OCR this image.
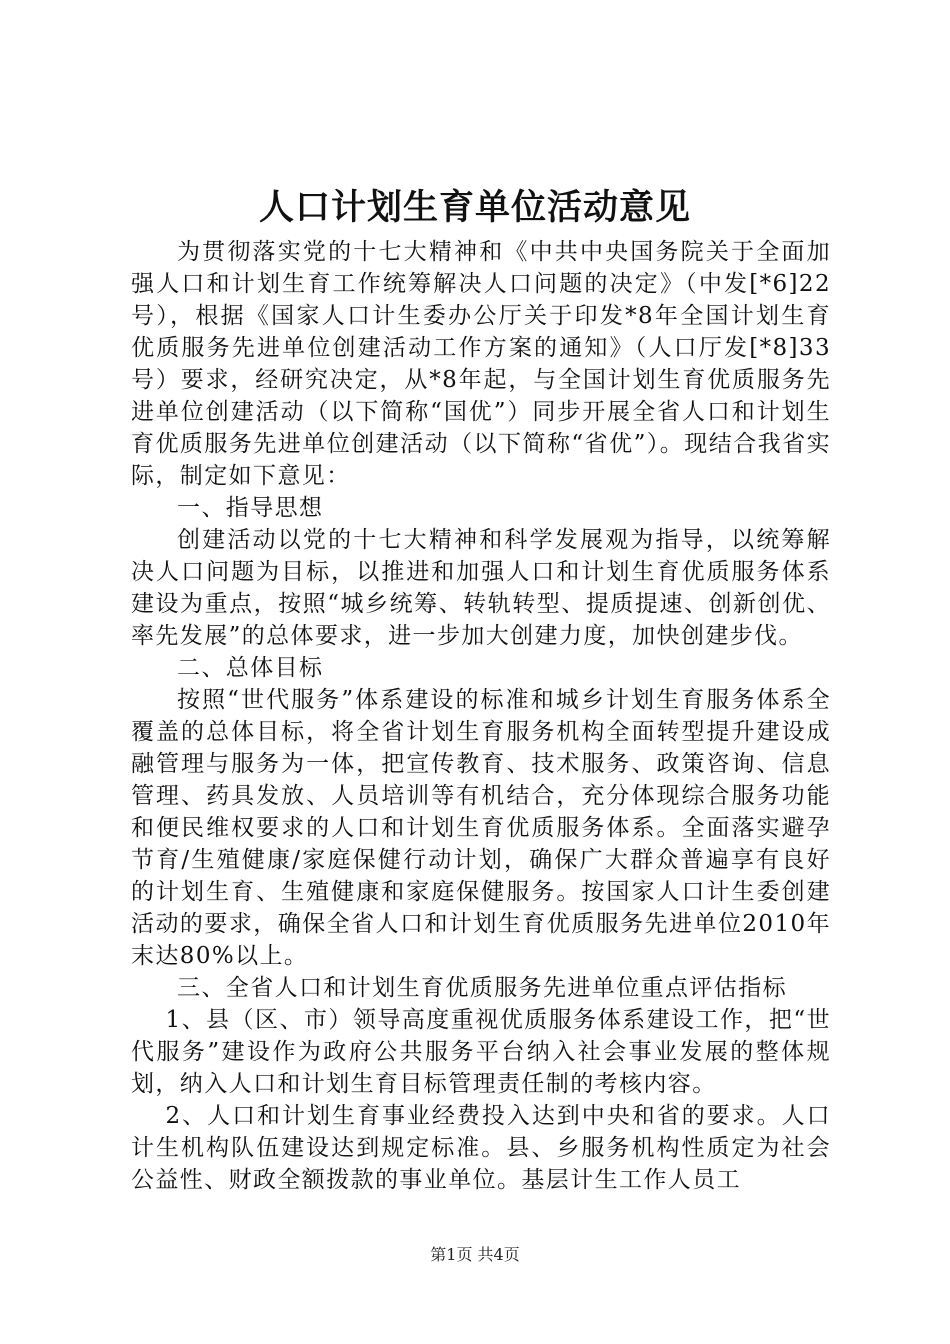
人口计划生育单位活动意见

为贯彻落实党的十七大精神和《中共中央国务院关于全面加强人口和计划生育工作统筹解决人口问题的决定》（中发[*6]22号），根据《国家人口计生委办公厅关于印发*8年全国计划生育优质服务先进单位创建活动工作方案的通知》（人口厅发[*8]33号）要求，经研究决定，从*8年起，与全国计划生育优质服务先进单位创建活动（以下简称“国优”）同步开展全省人口和计划生育优质服务先进单位创建活动（以下简称“省优”）。现结合我省实际，制定如下意见：

一、指导思想

创建活动以党的十七大精神和科学发展观为指导，以统筹解决人口问题为目标，以推进和加强人口和计划生育优质服务体系建设为重点，按照“城乡统筹、转轨转型、提质提速、创新创优、率先发展”的总体要求，进一步加大创建力度，加快创建步伐。

二、总体目标

按照“世代服务”体系建设的标准和城乡计划生育服务体系全覆盖的总体目标，将全省计划生育服务机构全面转型提升建设成融管理与服务为一体，把宣传教育、技术服务、政策咨询、信息管理、药具发放、人员培训等有机结合，充分体现综合服务功能和便民维权要求的人口和计划生育优质服务体系。全面落实避孕节育/生殖健康/家庭保健行动计划，确保广大群众普遍享有良好的计划生育、生殖健康和家庭保健服务。按国家人口计生委创建活动的要求，确保全省人口和计划生育优质服务先进单位2010年末达80%以上。

三、全省人口和计划生育优质服务先进单位重点评估指标

1、县（区、市）领导高度重视优质服务体系建设工作，把“世代服务”建设作为政府公共服务平台纳入社会事业发展的整体规划，纳入人口和计划生育目标管理责任制的考核内容。

2、人口和计划生育事业经费投入达到中央和省的要求。人口计生机构队伍建设达到规定标准。县、乡服务机构性质定为社会公益性、财政全额拨款的事业单位。基层计生工作人员工

第1页 共4页
